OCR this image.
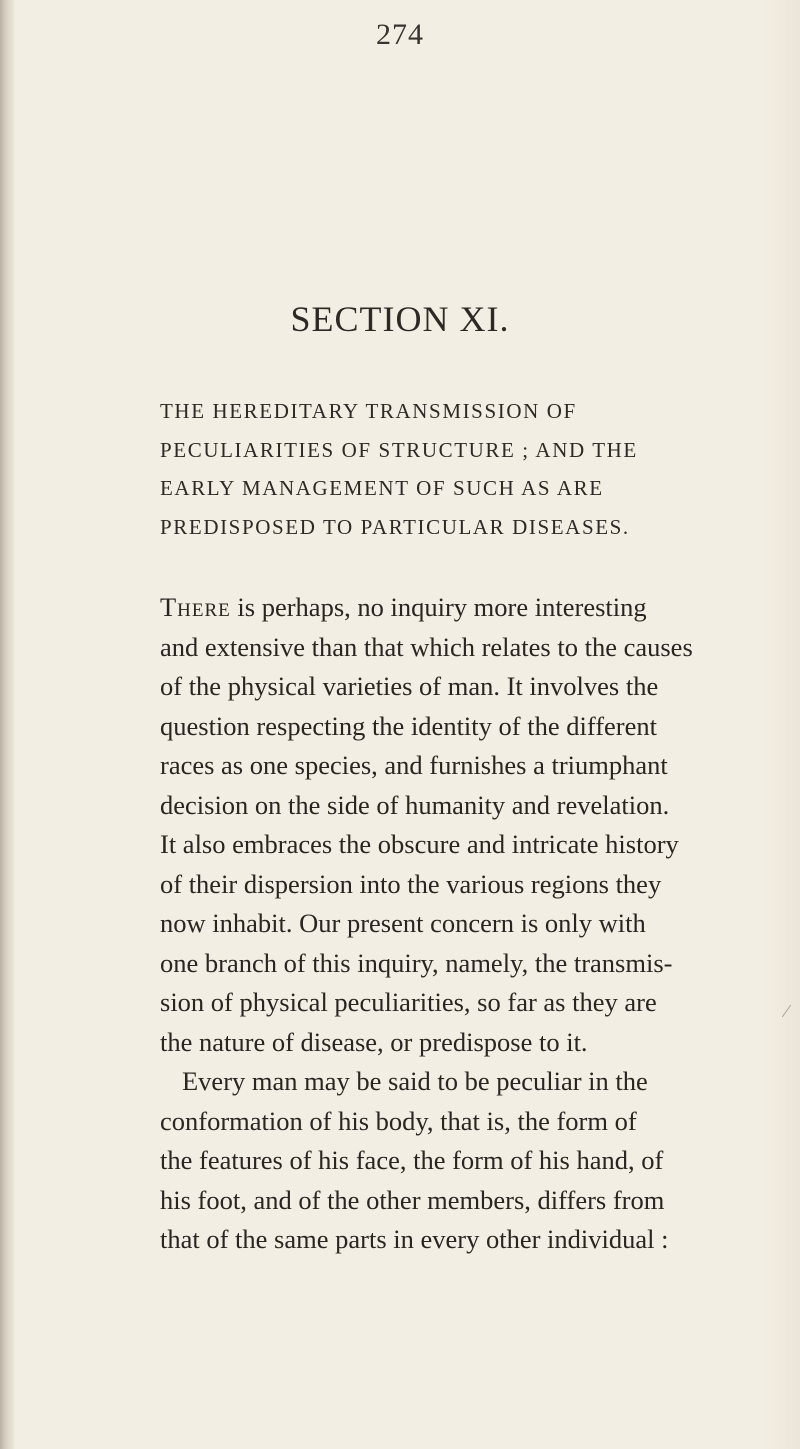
274
SECTION XI.
THE HEREDITARY TRANSMISSION OF
PECULIARITIES OF STRUCTURE ; AND THE
EARLY MANAGEMENT OF SUCH AS ARE
PREDISPOSED TO PARTICULAR DISEASES.
There is perhaps, no inquiry more interesting
and extensive than that which relates to the causes
of the physical varieties of man. It involves the
question respecting the identity of the different
races as one species, and furnishes a triumphant
decision on the side of humanity and revelation.
It also embraces the obscure and intricate history
of their dispersion into the various regions they
now inhabit. Our present concern is only with
one branch of this inquiry, namely, the transmis-
sion of physical peculiarities, so far as they are
the nature of disease, or predispose to it.
Every man may be said to be peculiar in the
conformation of his body, that is, the form of
the features of his face, the form of his hand, of
his foot, and of the other members, differs from
that of the same parts in every other individual :
⁄
